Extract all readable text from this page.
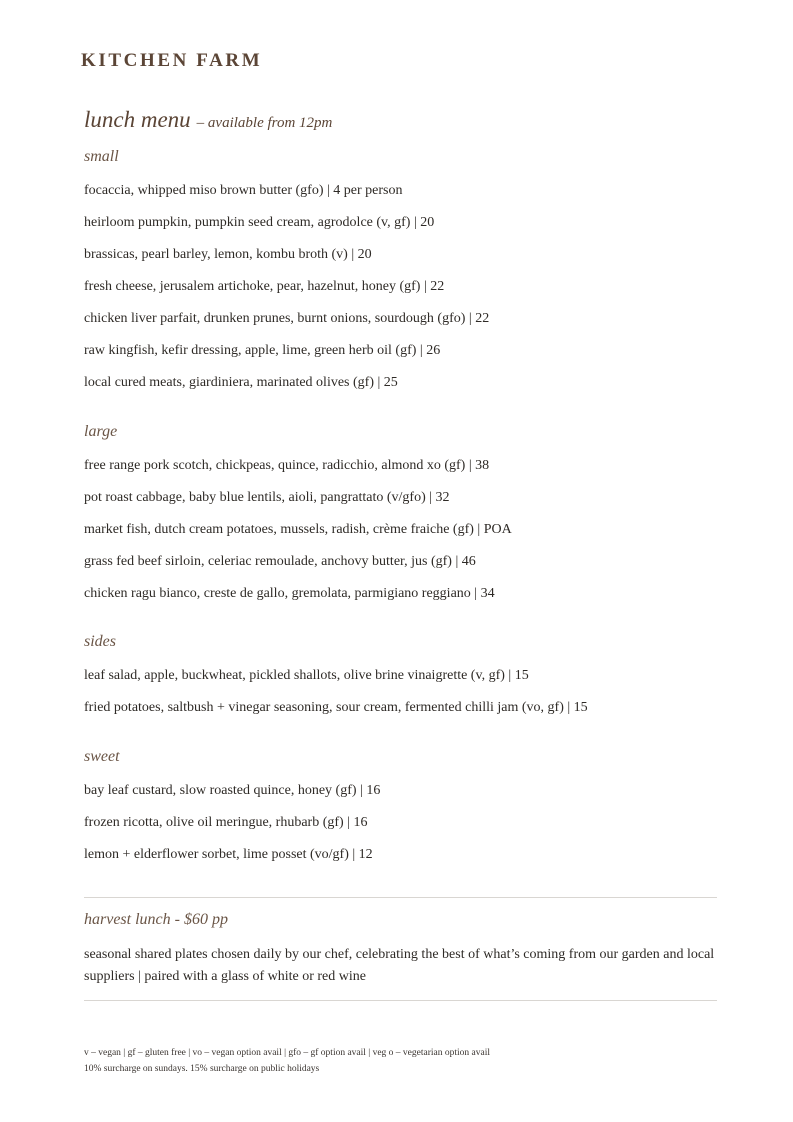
KITCHEN FARM
lunch menu – available from 12pm
small
focaccia, whipped miso brown butter (gfo) | 4 per person
heirloom pumpkin, pumpkin seed cream, agrodolce (v, gf) | 20
brassicas, pearl barley, lemon, kombu broth (v) | 20
fresh cheese, jerusalem artichoke, pear, hazelnut, honey (gf) | 22
chicken liver parfait, drunken prunes, burnt onions, sourdough (gfo) | 22
raw kingfish, kefir dressing, apple, lime, green herb oil (gf) | 26
local cured meats, giardiniera, marinated olives (gf) | 25
large
free range pork scotch, chickpeas, quince, radicchio, almond xo (gf) | 38
pot roast cabbage, baby blue lentils, aioli, pangrattato (v/gfo) | 32
market fish, dutch cream potatoes, mussels, radish, crème fraiche (gf) | POA
grass fed beef sirloin, celeriac remoulade, anchovy butter, jus (gf) | 46
chicken ragu bianco, creste de gallo, gremolata, parmigiano reggiano | 34
sides
leaf salad, apple, buckwheat, pickled shallots, olive brine vinaigrette (v, gf) | 15
fried potatoes, saltbush + vinegar seasoning, sour cream, fermented chilli jam (vo, gf) | 15
sweet
bay leaf custard, slow roasted quince, honey (gf) | 16
frozen ricotta, olive oil meringue, rhubarb (gf) | 16
lemon + elderflower sorbet, lime posset (vo/gf) | 12
harvest lunch - $60 pp
seasonal shared plates chosen daily by our chef, celebrating the best of what’s coming from our garden and local suppliers | paired with a glass of white or red wine
v – vegan | gf – gluten free | vo – vegan option avail | gfo – gf option avail | veg o – vegetarian option avail
10% surcharge on sundays. 15% surcharge on public holidays
